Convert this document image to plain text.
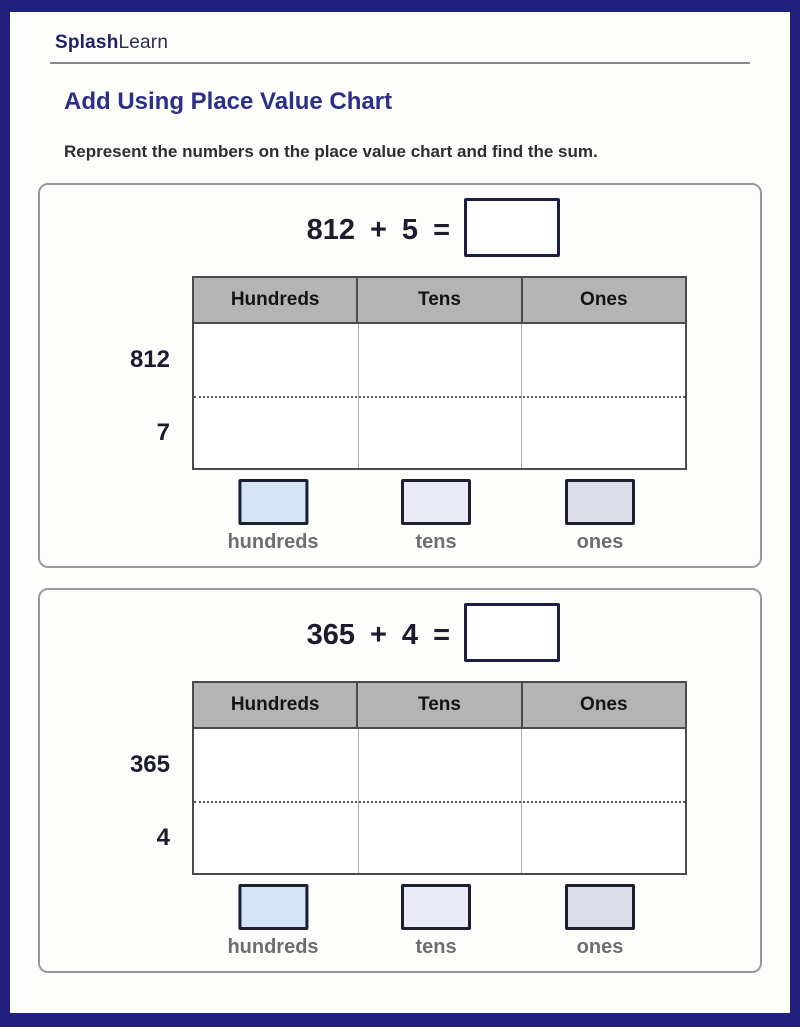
SplashLearn
Add Using Place Value Chart

Represent the numbers on the place value chart and find the sum.

812 + 5 =
Hundreds	Tens	Ones
812
7
hundreds	tens	ones
365 + 4 =
Hundreds	Tens	Ones
365
4
hundreds	tens	ones
